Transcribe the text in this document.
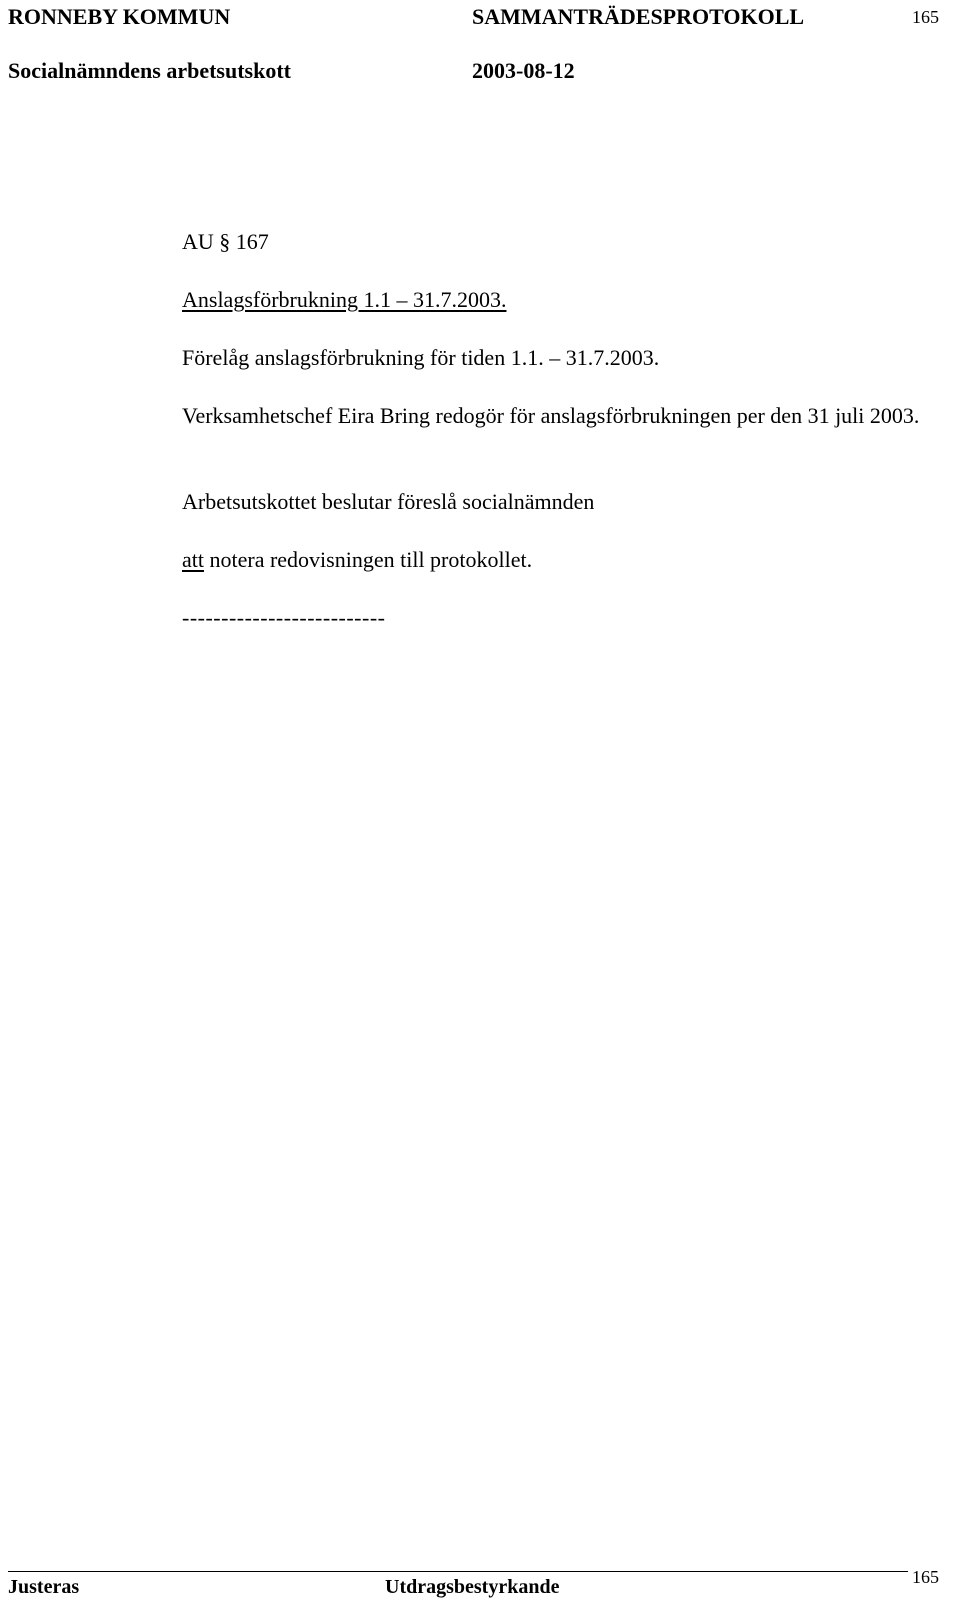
RONNEBY KOMMUN	SAMMANTRÄDESPROTOKOLL	165
Socialnämndens arbetsutskott	2003-08-12
AU § 167
Anslagsförbrukning 1.1 – 31.7.2003.
Förelåg anslagsförbrukning för tiden 1.1. – 31.7.2003.
Verksamhetschef Eira Bring redogör för anslagsförbrukningen per den 31 juli 2003.
Arbetsutskottet beslutar föreslå socialnämnden
att notera redovisningen till protokollet.
--------------------------
Justeras	Utdragsbestyrkande	165
